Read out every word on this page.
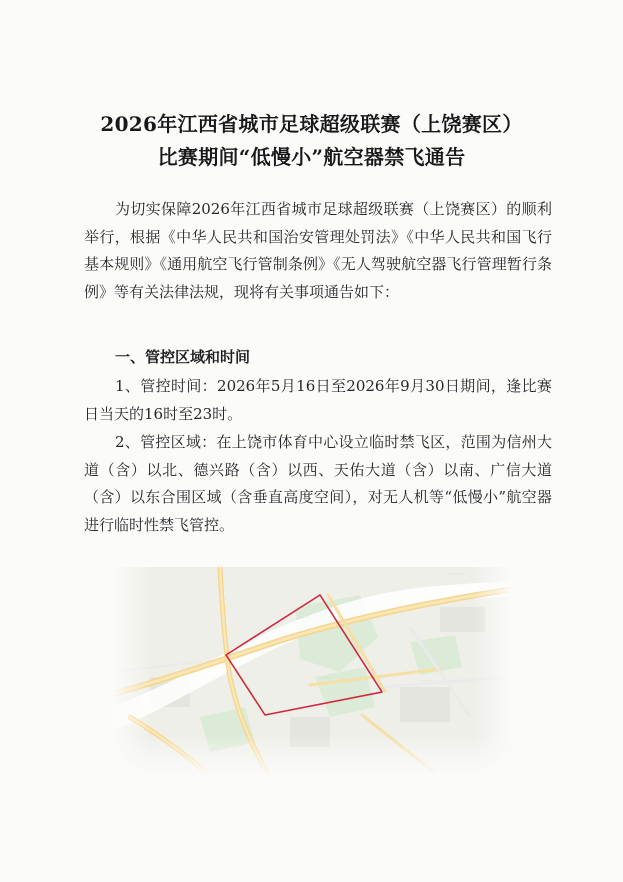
2026年江西省城市足球超级联赛（上饶赛区）
比赛期间“低慢小”航空器禁飞通告

为切实保障2026年江西省城市足球超级联赛（上饶赛区）的顺利举行，根据《中华人民共和国治安管理处罚法》《中华人民共和国飞行基本规则》《通用航空飞行管制条例》《无人驾驶航空器飞行管理暂行条例》等有关法律法规，现将有关事项通告如下：

一、管控区域和时间

1、管控时间：2026年5月16日至2026年9月30日期间，逢比赛日当天的16时至23时。

2、管控区域：在上饶市体育中心设立临时禁飞区，范围为信州大道（含）以北、德兴路（含）以西、天佑大道（含）以南、广信大道（含）以东合围区域（含垂直高度空间），对无人机等“低慢小”航空器进行临时性禁飞管控。
